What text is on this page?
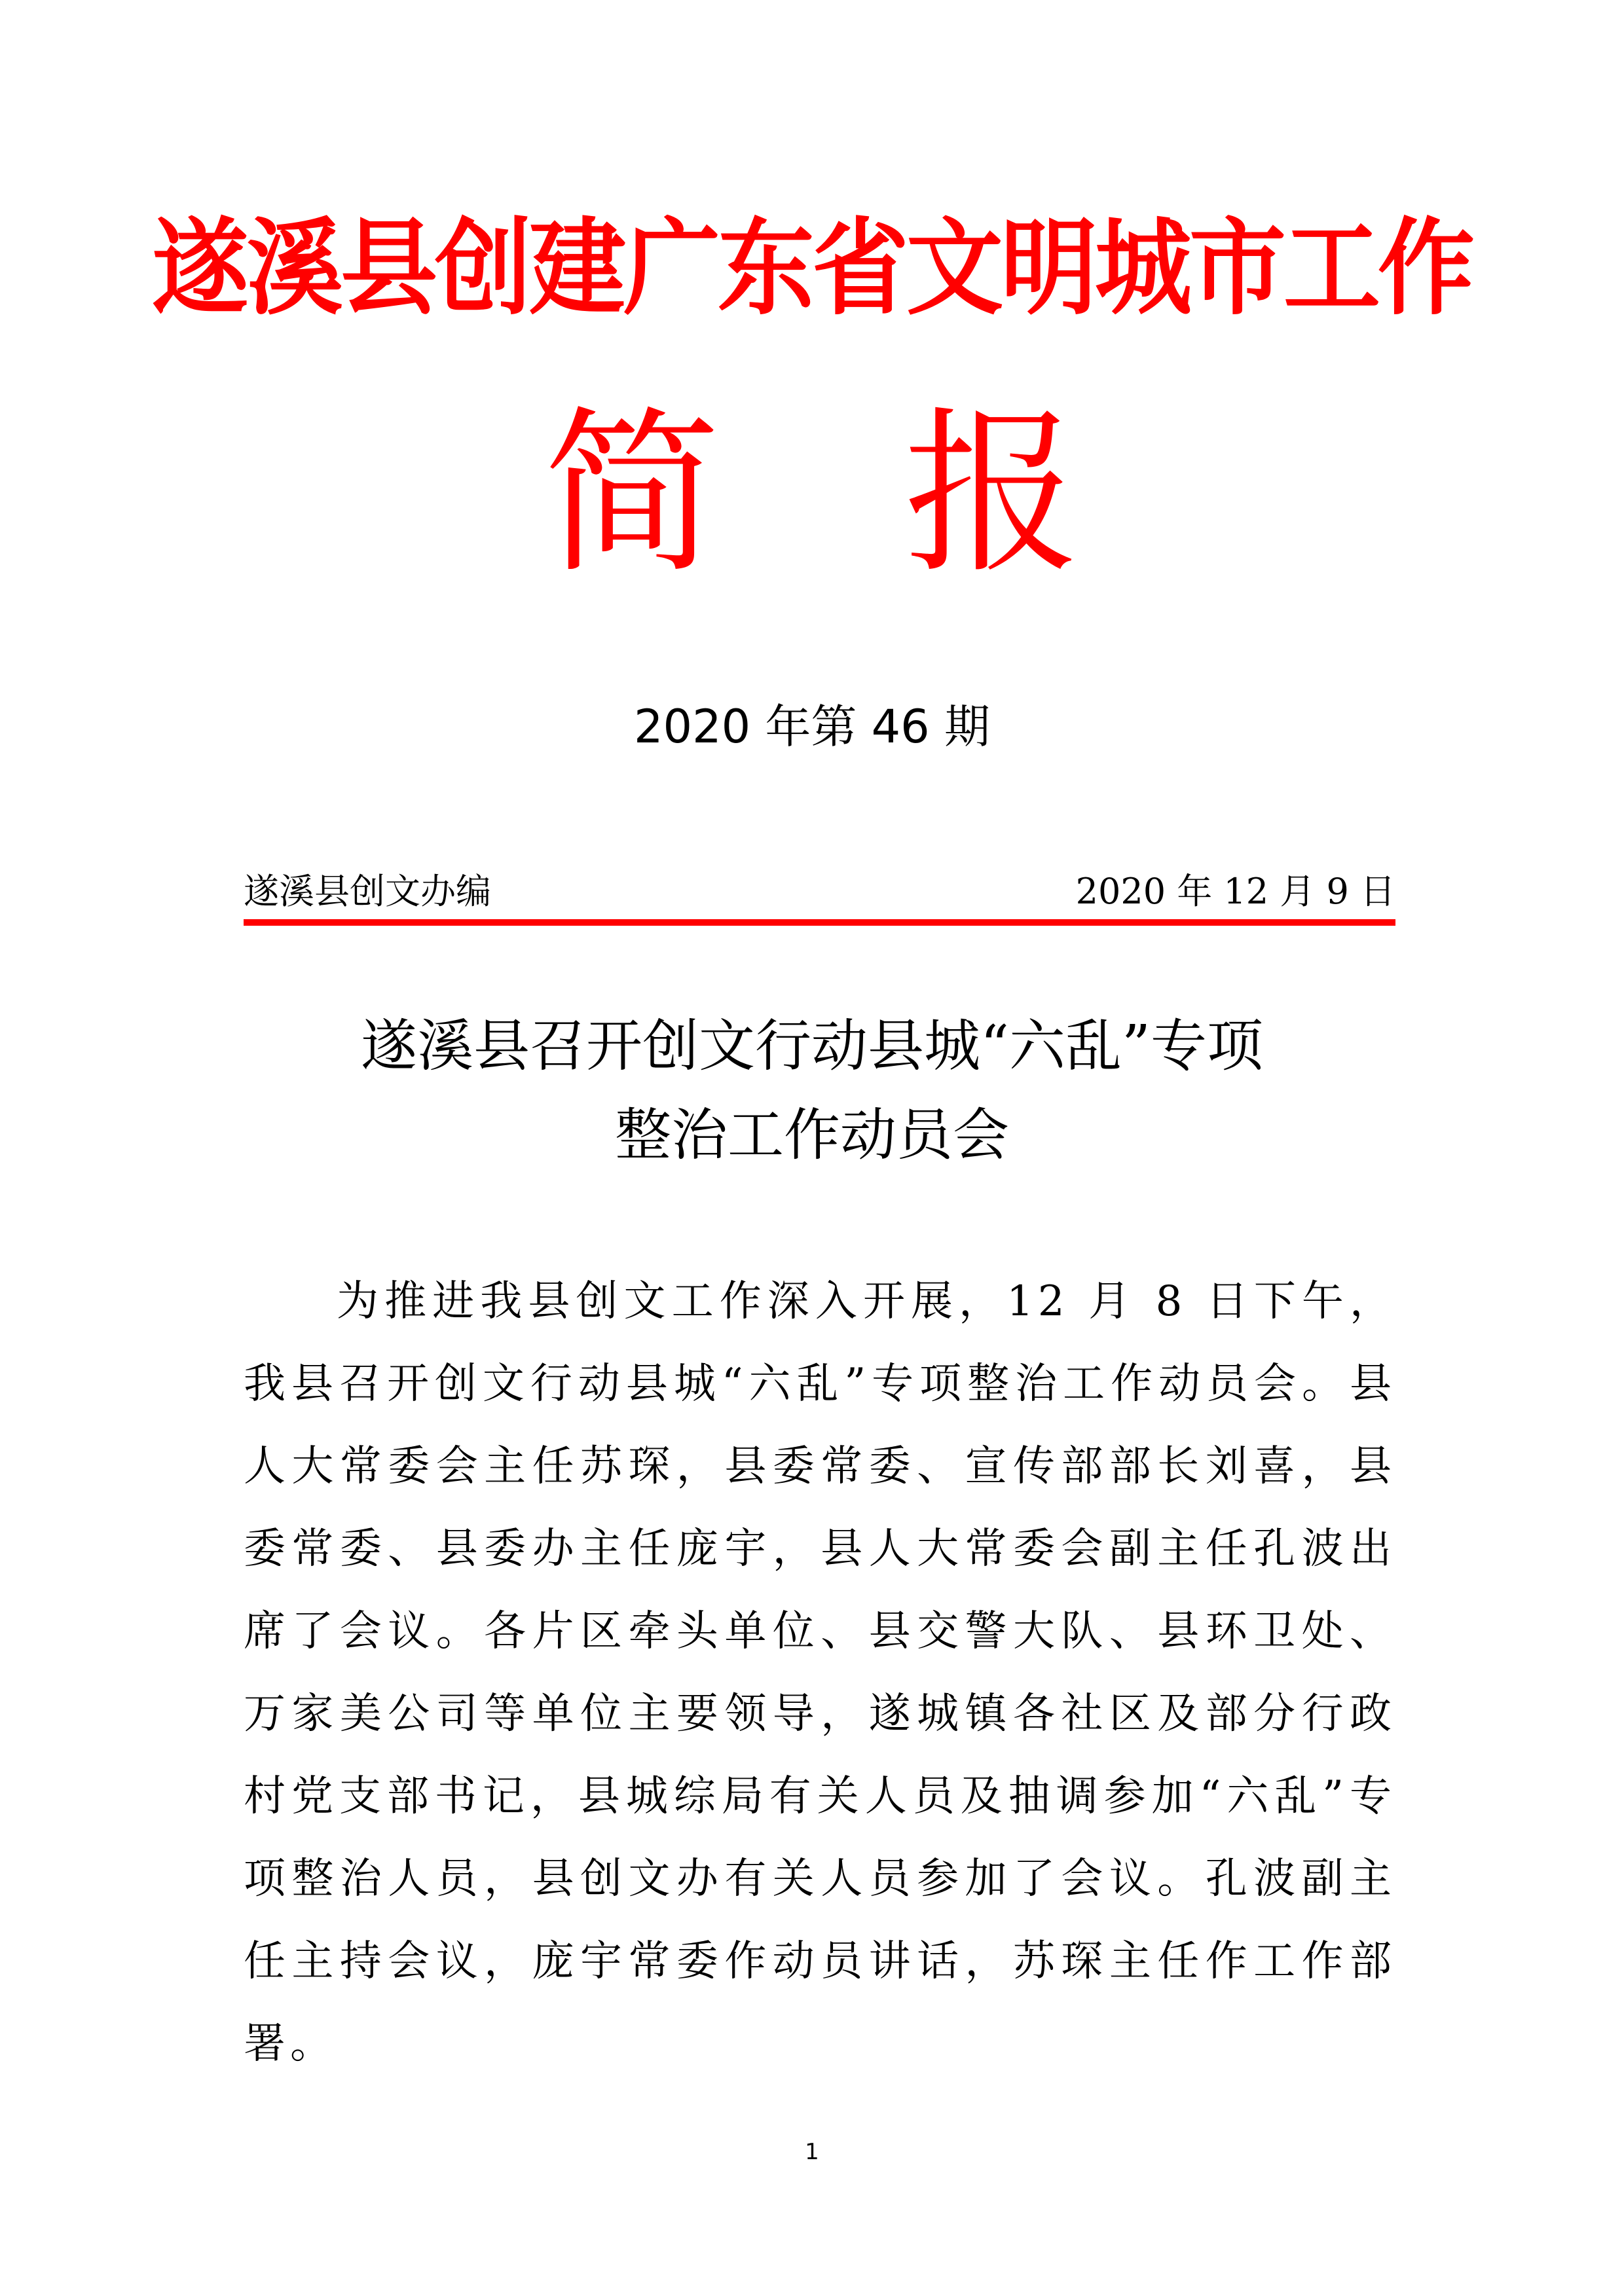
遂溪县创建广东省文明城市工作
简 报
2020 年第 46 期
遂溪县创文办编	2020 年 12 月 9 日
遂溪县召开创文行动县城“六乱”专项
整治工作动员会

为推进我县创文工作深入开展，12 月 8 日下午，我县召开创文行动县城“六乱”专项整治工作动员会。县人大常委会主任苏琛，县委常委、宣传部部长刘喜，县委常委、县委办主任庞宇，县人大常委会副主任孔波出席了会议。各片区牵头单位、县交警大队、县环卫处、万家美公司等单位主要领导，遂城镇各社区及部分行政村党支部书记，县城综局有关人员及抽调参加“六乱”专项整治人员，县创文办有关人员参加了会议。孔波副主任主持会议，庞宇常委作动员讲话，苏琛主任作工作部署。

1
